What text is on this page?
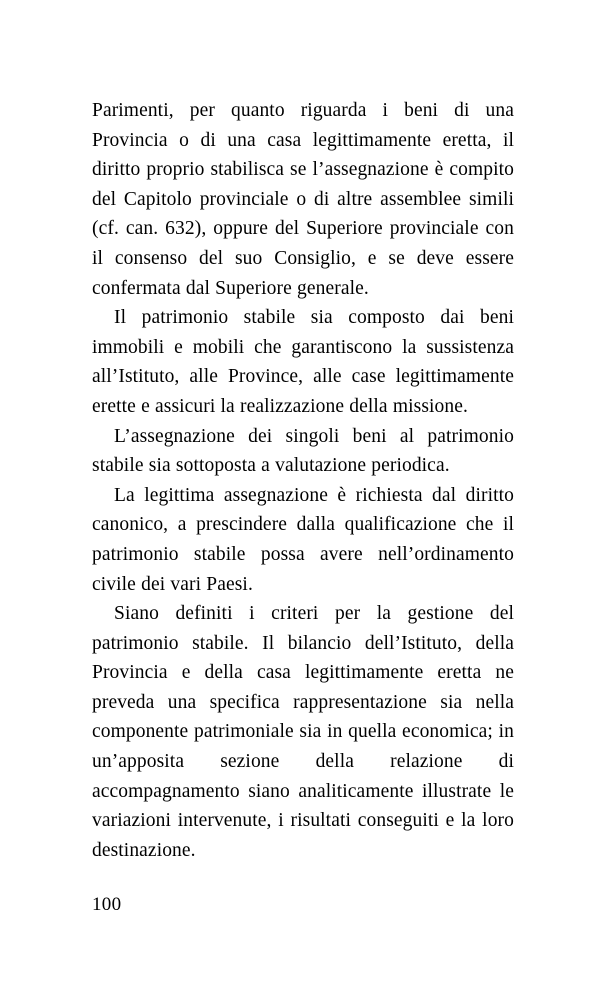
Parimenti, per quanto riguarda i beni di una Provincia o di una casa legittimamente eretta, il diritto proprio stabilisca se l’assegnazione è compito del Capitolo provinciale o di altre assemblee simili (cf. can. 632), oppure del Superiore provinciale con il consenso del suo Consiglio, e se deve essere confermata dal Superiore generale.

Il patrimonio stabile sia composto dai beni immobili e mobili che garantiscono la sussistenza all’Istituto, alle Province, alle case legittimamente erette e assicuri la realizzazione della missione.

L’assegnazione dei singoli beni al patrimonio stabile sia sottoposta a valutazione periodica.

La legittima assegnazione è richiesta dal diritto canonico, a prescindere dalla qualificazione che il patrimonio stabile possa avere nell’ordinamento civile dei vari Paesi.

Siano definiti i criteri per la gestione del patrimonio stabile. Il bilancio dell’Istituto, della Provincia e della casa legittimamente eretta ne preveda una specifica rappresentazione sia nella componente patrimoniale sia in quella economica; in un’apposita sezione della relazione di accompagnamento siano analiticamente illustrate le variazioni intervenute, i risultati conseguiti e la loro destinazione.

100
